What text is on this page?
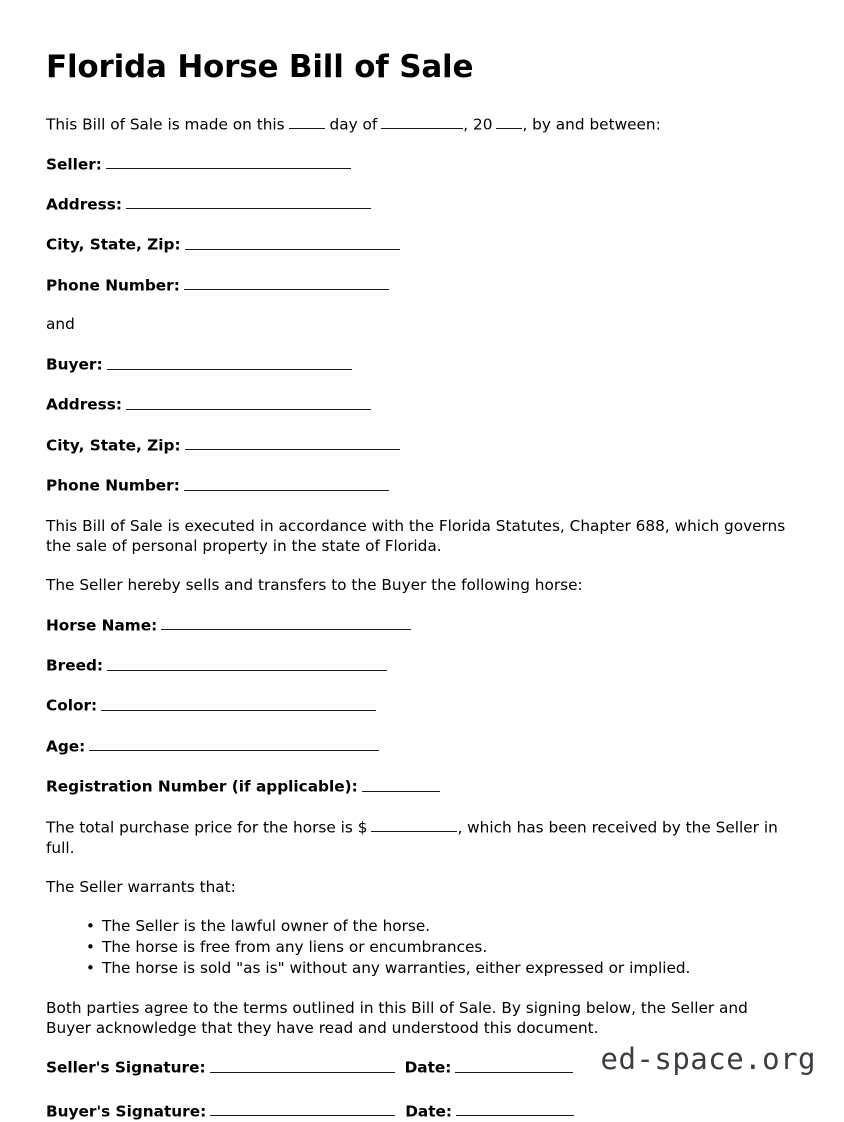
Florida Horse Bill of Sale

This Bill of Sale is made on this	day of	, 20 , by and between:

Seller:
Address:
City, State, Zip:
Phone Number:
and
Buyer:
Address:
City, State, Zip:
Phone Number:

This Bill of Sale is executed in accordance with the Florida Statutes, Chapter 688, which governs the sale of personal property in the state of Florida.

The Seller hereby sells and transfers to the Buyer the following horse:

Horse Name:
Breed:
Color:
Age:
Registration Number (if applicable):

The total purchase price for the horse is $	, which has been received by the Seller in full.

The Seller warrants that:

• The Seller is the lawful owner of the horse.
• The horse is free from any liens or encumbrances.
• The horse is sold "as is" without any warranties, either expressed or implied.

Both parties agree to the terms outlined in this Bill of Sale. By signing below, the Seller and Buyer acknowledge that they have read and understood this document.

Seller's Signature:	Date:
Buyer's Signature:	Date:
ed-space.org
